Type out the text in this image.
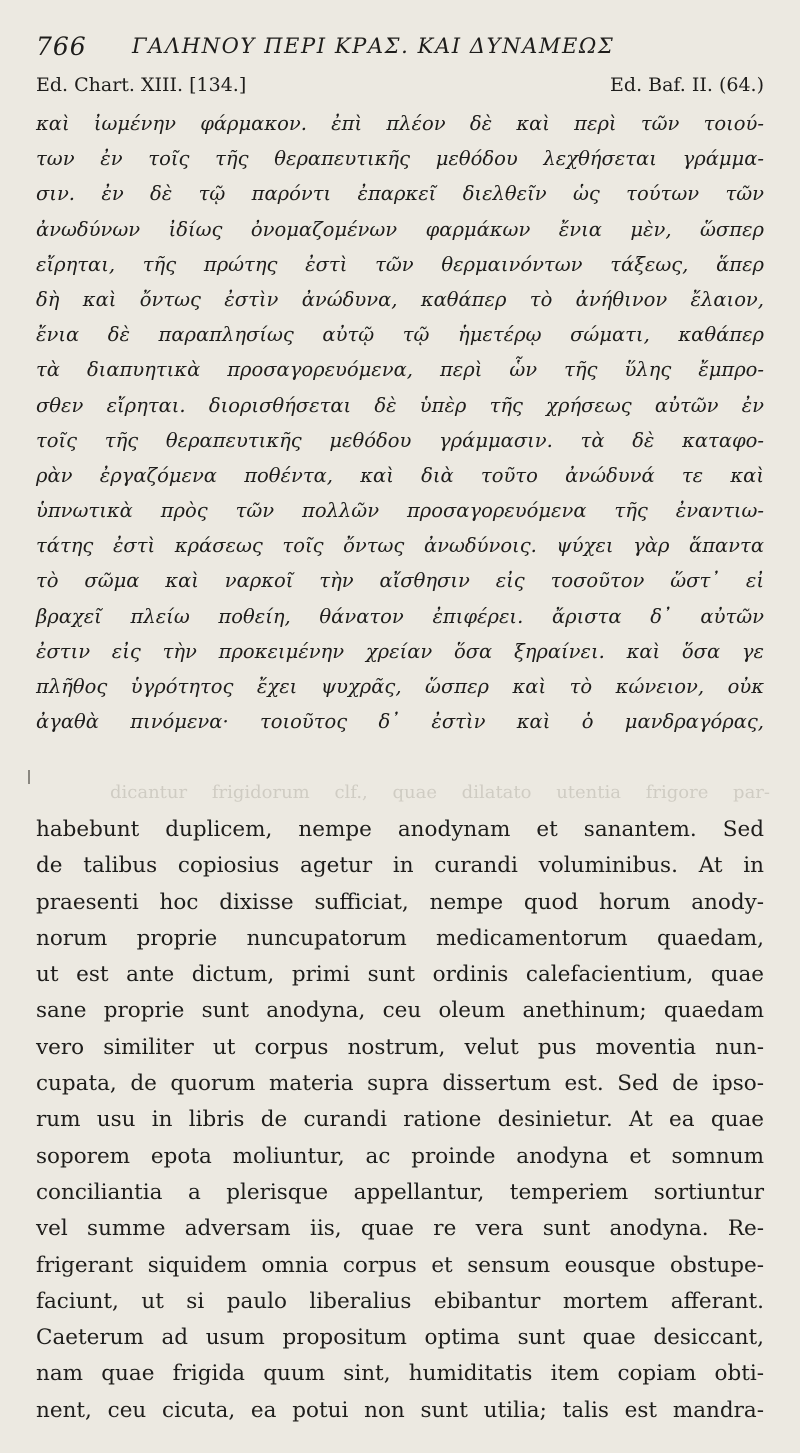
766 ΓΑΛΗΝΟΥ ΠΕΡΙ ΚΡΑΣ. ΚΑΙ ΔΥΝΑΜΕΩΣ
Ed. Chart. XIII. [134.]	Ed. Baf. II. (64.)
καὶ ἰωμένην φάρμακον. ἐπὶ πλέον δὲ καὶ περὶ τῶν τοιού-
των ἐν τοῖς τῆς θεραπευτικῆς μεθόδου λεχθήσεται γράμμα-
σιν. ἐν δὲ τῷ παρόντι ἐπαρκεῖ διελθεῖν ὡς τούτων τῶν
ἀνωδύνων ἰδίως ὀνομαζομένων φαρμάκων ἔνια μὲν, ὥσπερ
εἴρηται, τῆς πρώτης ἐστὶ τῶν θερμαινόντων τάξεως, ἅπερ
δὴ καὶ ὄντως ἐστὶν ἀνώδυνα, καθάπερ τὸ ἀνήθινον ἔλαιον,
ἔνια δὲ παραπλησίως αὐτῷ τῷ ἡμετέρῳ σώματι, καθάπερ
τὰ διαπυητικὰ προσαγορευόμενα, περὶ ὧν τῆς ὕλης ἔμπρο-
σθεν εἴρηται. διορισθήσεται δὲ ὑπὲρ τῆς χρήσεως αὐτῶν ἐν
τοῖς τῆς θεραπευτικῆς μεθόδου γράμμασιν. τὰ δὲ καταφο-
ρὰν ἐργαζόμενα ποθέντα, καὶ διὰ τοῦτο ἀνώδυνά τε καὶ
ὑπνωτικὰ πρὸς τῶν πολλῶν προσαγορευόμενα τῆς ἐναντιω-
τάτης ἐστὶ κράσεως τοῖς ὄντως ἀνωδύνοις. ψύχει γὰρ ἅπαντα
τὸ σῶμα καὶ ναρκοῖ τὴν αἴσθησιν εἰς τοσοῦτον ὥστ᾽ εἰ
βραχεῖ πλείω ποθείη, θάνατον ἐπιφέρει. ἄριστα δ᾽ αὐτῶν
ἐστιν εἰς τὴν προκειμένην χρείαν ὅσα ξηραίνει. καὶ ὅσα γε
πλῆθος ὑγρότητος ἔχει ψυχρᾶς, ὥσπερ καὶ τὸ κώνειον, οὐκ
ἀγαθὰ πινόμενα· τοιοῦτος δ᾽ ἐστὶν καὶ ὁ μανδραγόρας,
dicantur frigidorum clf., quae dilatato utentia frigore par-
habebunt duplicem, nempe anodynam et sanantem. Sed
de talibus copiosius agetur in curandi voluminibus. At in
praesenti hoc dixisse sufficiat, nempe quod horum anody-
norum proprie nuncupatorum medicamentorum quaedam,
ut est ante dictum, primi sunt ordinis calefacientium, quae
sane proprie sunt anodyna, ceu oleum anethinum; quaedam
vero similiter ut corpus nostrum, velut pus moventia nun-
cupata, de quorum materia supra dissertum est. Sed de ipso-
rum usu in libris de curandi ratione desinietur. At ea quae
soporem epota moliuntur, ac proinde anodyna et somnum
conciliantia a plerisque appellantur, temperiem sortiuntur
vel summe adversam iis, quae re vera sunt anodyna. Re-
frigerant siquidem omnia corpus et sensum eousque obstupe-
faciunt, ut si paulo liberalius ebibantur mortem afferant.
Caeterum ad usum propositum optima sunt quae desiccant,
nam quae frigida quum sint, humiditatis item copiam obti-
nent, ceu cicuta, ea potui non sunt utilia; talis est mandra-
